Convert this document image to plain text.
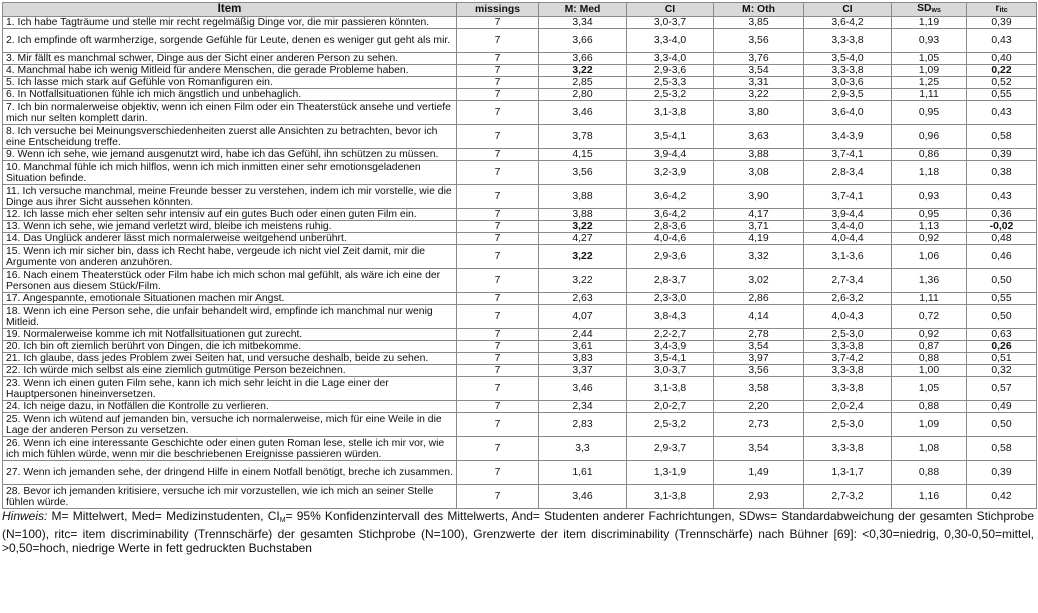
Item	missings	M: Med	CI	M: Oth	CI	$SD_{ws}$	$r_{itc}$
1. Ich habe Tagträume und stelle mir recht regelmäßig Dinge vor, die mir passieren könnten.	7	3,34	3,0-3,7	3,85	3,6-4,2	1,19	0,39
2. Ich empfinde oft warmherzige, sorgende Gefühle für Leute, denen es weniger gut geht als mir.	7	3,66	3,3-4,0	3,56	3,3-3,8	0,93	0,43
3. Mir fällt es manchmal schwer, Dinge aus der Sicht einer anderen Person zu sehen.	7	3,66	3,3-4,0	3,76	3,5-4,0	1,05	0,40
4. Manchmal habe ich wenig Mitleid für andere Menschen, die gerade Probleme haben.	7	3,22	2,9-3,6	3,54	3,3-3,8	1,09	0,22
5. Ich lasse mich stark auf Gefühle von Romanfiguren ein.	7	2,85	2,5-3,3	3,31	3,0-3,6	1,25	0,52
6. In Notfallsituationen fühle ich mich ängstlich und unbehaglich.	7	2,80	2,5-3,2	3,22	2,9-3,5	1,11	0,55
7. Ich bin normalerweise objektiv, wenn ich einen Film oder ein Theaterstück ansehe und vertiefe mich nur selten komplett darin.	7	3,46	3,1-3,8	3,80	3,6-4,0	0,95	0,43
8. Ich versuche bei Meinungsverschiedenheiten zuerst alle Ansichten zu betrachten, bevor ich eine Entscheidung treffe.	7	3,78	3,5-4,1	3,63	3,4-3,9	0,96	0,58
9. Wenn ich sehe, wie jemand ausgenutzt wird, habe ich das Gefühl, ihn schützen zu müssen.	7	4,15	3,9-4,4	3,88	3,7-4,1	0,86	0,39
10. Manchmal fühle ich mich hilflos, wenn ich mich inmitten einer sehr emotionsgeladenen Situation befinde.	7	3,56	3,2-3,9	3,08	2,8-3,4	1,18	0,38
11. Ich versuche manchmal, meine Freunde besser zu verstehen, indem ich mir vorstelle, wie die Dinge aus ihrer Sicht aussehen könnten.	7	3,88	3,6-4,2	3,90	3,7-4,1	0,93	0,43
12. Ich lasse mich eher selten sehr intensiv auf ein gutes Buch oder einen guten Film ein.	7	3,88	3,6-4,2	4,17	3,9-4,4	0,95	0,36
13. Wenn ich sehe, wie jemand verletzt wird, bleibe ich meistens ruhig.	7	3,22	2,8-3,6	3,71	3,4-4,0	1,13	-0,02
14. Das Unglück anderer lässt mich normalerweise weitgehend unberührt.	7	4,27	4,0-4,6	4,19	4,0-4,4	0,92	0,48
15. Wenn ich mir sicher bin, dass ich Recht habe, vergeude ich nicht viel Zeit damit, mir die Argumente von anderen anzuhören.	7	3,22	2,9-3,6	3,32	3,1-3,6	1,06	0,46
16. Nach einem Theaterstück oder Film habe ich mich schon mal gefühlt, als wäre ich eine der Personen aus diesem Stück/Film.	7	3,22	2,8-3,7	3,02	2,7-3,4	1,36	0,50
17. Angespannte, emotionale Situationen machen mir Angst.	7	2,63	2,3-3,0	2,86	2,6-3,2	1,11	0,55
18. Wenn ich eine Person sehe, die unfair behandelt wird, empfinde ich manchmal nur wenig Mitleid.	7	4,07	3,8-4,3	4,14	4,0-4,3	0,72	0,50
19. Normalerweise komme ich mit Notfallsituationen gut zurecht.	7	2,44	2,2-2,7	2,78	2,5-3,0	0,92	0,63
20. Ich bin oft ziemlich berührt von Dingen, die ich mitbekomme.	7	3,61	3,4-3,9	3,54	3,3-3,8	0,87	0,26
21. Ich glaube, dass jedes Problem zwei Seiten hat, und versuche deshalb, beide zu sehen.	7	3,83	3,5-4,1	3,97	3,7-4,2	0,88	0,51
22. Ich würde mich selbst als eine ziemlich gutmütige Person bezeichnen.	7	3,37	3,0-3,7	3,56	3,3-3,8	1,00	0,32
23. Wenn ich einen guten Film sehe, kann ich mich sehr leicht in die Lage einer der Hauptpersonen hineinversetzen.	7	3,46	3,1-3,8	3,58	3,3-3,8	1,05	0,57
24. Ich neige dazu, in Notfällen die Kontrolle zu verlieren.	7	2,34	2,0-2,7	2,20	2,0-2,4	0,88	0,49
25. Wenn ich wütend auf jemanden bin, versuche ich normalerweise, mich für eine Weile in die Lage der anderen Person zu versetzen.	7	2,83	2,5-3,2	2,73	2,5-3,0	1,09	0,50
26. Wenn ich eine interessante Geschichte oder einen guten Roman lese, stelle ich mir vor, wie ich mich fühlen würde, wenn mir die beschriebenen Ereignisse passieren würden.	7	3,3	2,9-3,7	3,54	3,3-3,8	1,08	0,58
27. Wenn ich jemanden sehe, der dringend Hilfe in einem Notfall benötigt, breche ich zusammen.	7	1,61	1,3-1,9	1,49	1,3-1,7	0,88	0,39
28. Bevor ich jemanden kritisiere, versuche ich mir vorzustellen, wie ich mich an seiner Stelle fühlen würde.	7	3,46	3,1-3,8	2,93	2,7-3,2	1,16	0,42
Hinweis: M= Mittelwert, Med= Medizinstudenten, $CI_M= 95\%$ Konfidenzintervall des Mittelwerts, And= Studenten anderer Fachrichtungen, SDws= Standardabweichung der gesamten Stichprobe (N=100), ritc= item discriminability (Trennschärfe) der gesamten Stichprobe (N=100), Grenzwerte der item discriminability (Trennschärfe) nach Bühner [69]: <0,30=niedrig, 0,30-0,50=mittel, >0,50=hoch, niedrige Werte in fett gedruckten Buchstaben
